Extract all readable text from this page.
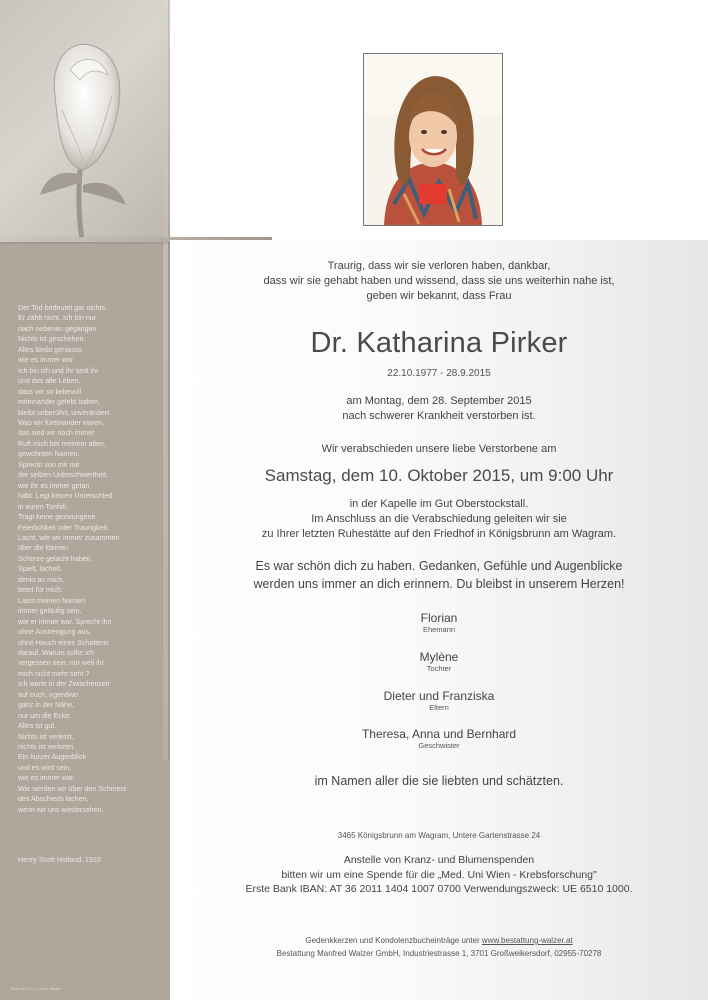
Der Tod bedeutet gar nichts.
Er zählt nicht. Ich bin nur
nach nebenan gegangen.
Nichts ist geschehen.
Alles bleibt genauso,
wie es immer war.
Ich bin ich und ihr seid ihr
und das alte Leben,
dass wir so liebevoll
miteinander gelebt haben,
bleibt unberührt, unverändert.
Was wir füreinander waren,
das sind wir noch immer.
Ruft mich bei meinem alten,
gewohnten Namen.
Sprecht von mir mit
der selben Unbeschwertheit,
wie ihr es immer getan
habt. Legt keinen Unterschied
in euren Tonfall.
Tragt keine gezwungene
Feierlichkeit oder Traurigkeit.
Lacht, wie wir immer zusammen
über die kleinen
Scherze gelacht haben.
Spielt, lächelt,
denkt an mich,
betet für mich.
Lasst meinen Namen
immer geläufig sein,
wie er immer war. Sprecht ihn
ohne Anstrengung aus,
ohne Hauch eines Schattens
darauf. Warum sollte ich
vergessen sein, nur weil ihr
mich nicht mehr seht ?
Ich warte in der Zwischenzeit
auf euch, irgendwo
ganz in der Nähe,
nur um die Ecke.
Alles ist gut.
Nichts ist verletzt,
nichts ist verloren.
Ein kurzer Augenblick
und es wird sein,
wie es immer war.
Wie werden wir über den Schmerz
des Abschieds lachen,
wenn wir uns wiedersehen.
Henry Scott Holland, 1910
Photo Nr. 0 Fa. Ulrich Bliefler
Traurig, dass wir sie verloren haben, dankbar,
dass wir sie gehabt haben und wissend, dass sie uns weiterhin nahe ist,
geben wir bekannt, dass Frau
Dr. Katharina Pirker
22.10.1977 - 28.9.2015
am Montag, dem 28. September 2015
nach schwerer Krankheit verstorben ist.
Wir verabschieden unsere liebe Verstorbene am
Samstag, dem 10. Oktober 2015, um 9:00 Uhr
in der Kapelle im Gut Oberstockstall.
Im Anschluss an die Verabschiedung geleiten wir sie
zu Ihrer letzten Ruhestätte auf den Friedhof in Königsbrunn am Wagram.
Es war schön dich zu haben. Gedanken, Gefühle und Augenblicke
werden uns immer an dich erinnern. Du bleibst in unserem Herzen!
Florian
Ehemann
Mylène
Tochter
Dieter und Franziska
Eltern
Theresa, Anna und Bernhard
Geschwister
im Namen aller die sie liebten und schätzten.
3465 Königsbrunn am Wagram, Untere Gartenstrasse 24
Anstelle von Kranz- und Blumenspenden
bitten wir um eine Spende für die „Med. Uni Wien - Krebsforschung"
Erste Bank IBAN: AT 36 2011 1404 1007 0700 Verwendungszweck: UE 6510 1000.
Gedenkkerzen und Kondolenzbucheinträge unter www.bestattung-walzer.at
Bestattung Manfred Walzer GmbH, Industriestrasse 1, 3701 Großweikersdorf, 02955-70278
